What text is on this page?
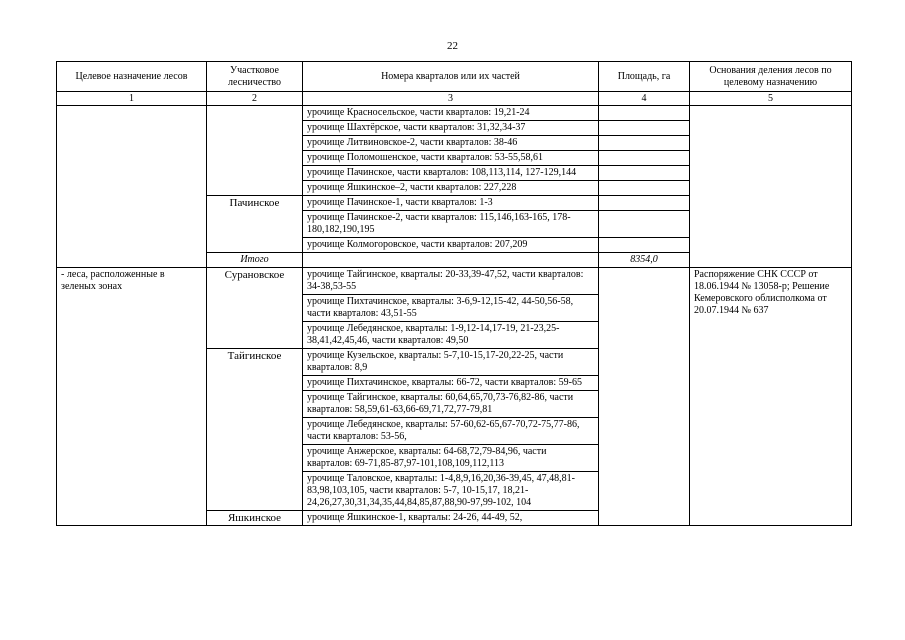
22
Целевое назначение лесов	Участковое лесничество	Номера кварталов или их частей	Площадь, га	Основания деления лесов по целевому назначению
1	2	3	4	5
		урочище Красносельское, части кварталов: 19,21-24		
		урочище Шахтёрское, части кварталов: 31,32,34-37		
		урочище Литвиновское-2, части кварталов: 38-46		
		урочище Поломошенское, части кварталов: 53-55,58,61		
		урочище Пачинское, части кварталов: 108,113,114, 127-129,144		
		урочище Яшкинское–2, части кварталов: 227,228		
	Пачинское	урочище Пачинское-1, части кварталов: 1-3		
		урочище Пачинское-2, части кварталов: 115,146,163-165, 178-180,182,190,195		
		урочище Колмогоровское, части кварталов: 207,209		
	Итого		8354,0	
- леса, расположенные в зеленых зонах	Сурановское	урочище Тайгинское, кварталы: 20-33,39-47,52, части кварталов: 34-38,53-55		Распоряжение СНК СССР от 18.06.1944 № 13058-р; Решение Кемеровского облисполкома от 20.07.1944 № 637
		урочище Пихтачинское, кварталы: 3-6,9-12,15-42, 44-50,56-58, части кварталов: 43,51-55		
		урочище Лебедянское, кварталы: 1-9,12-14,17-19, 21-23,25-38,41,42,45,46, части кварталов: 49,50		
	Тайгинское	урочище Кузельское, кварталы: 5-7,10-15,17-20,22-25, части кварталов: 8,9		
		урочище Пихтачинское, кварталы: 66-72, части кварталов: 59-65		
		урочище Тайгинское, кварталы: 60,64,65,70,73-76,82-86, части кварталов: 58,59,61-63,66-69,71,72,77-79,81		
		урочище Лебедянское, кварталы: 57-60,62-65,67-70,72-75,77-86, части кварталов: 53-56,		
		урочище Анжерское, кварталы: 64-68,72,79-84,96, части кварталов: 69-71,85-87,97-101,108,109,112,113		
		урочище Таловское, кварталы: 1-4,8,9,16,20,36-39,45, 47,48,81-83,98,103,105, части кварталов: 5-7, 10-15,17, 18,21-24,26,27,30,31,34,35,44,84,85,87,88,90-97,99-102, 104		
	Яшкинское	урочище Яшкинское-1, кварталы: 24-26, 44-49, 52,		
